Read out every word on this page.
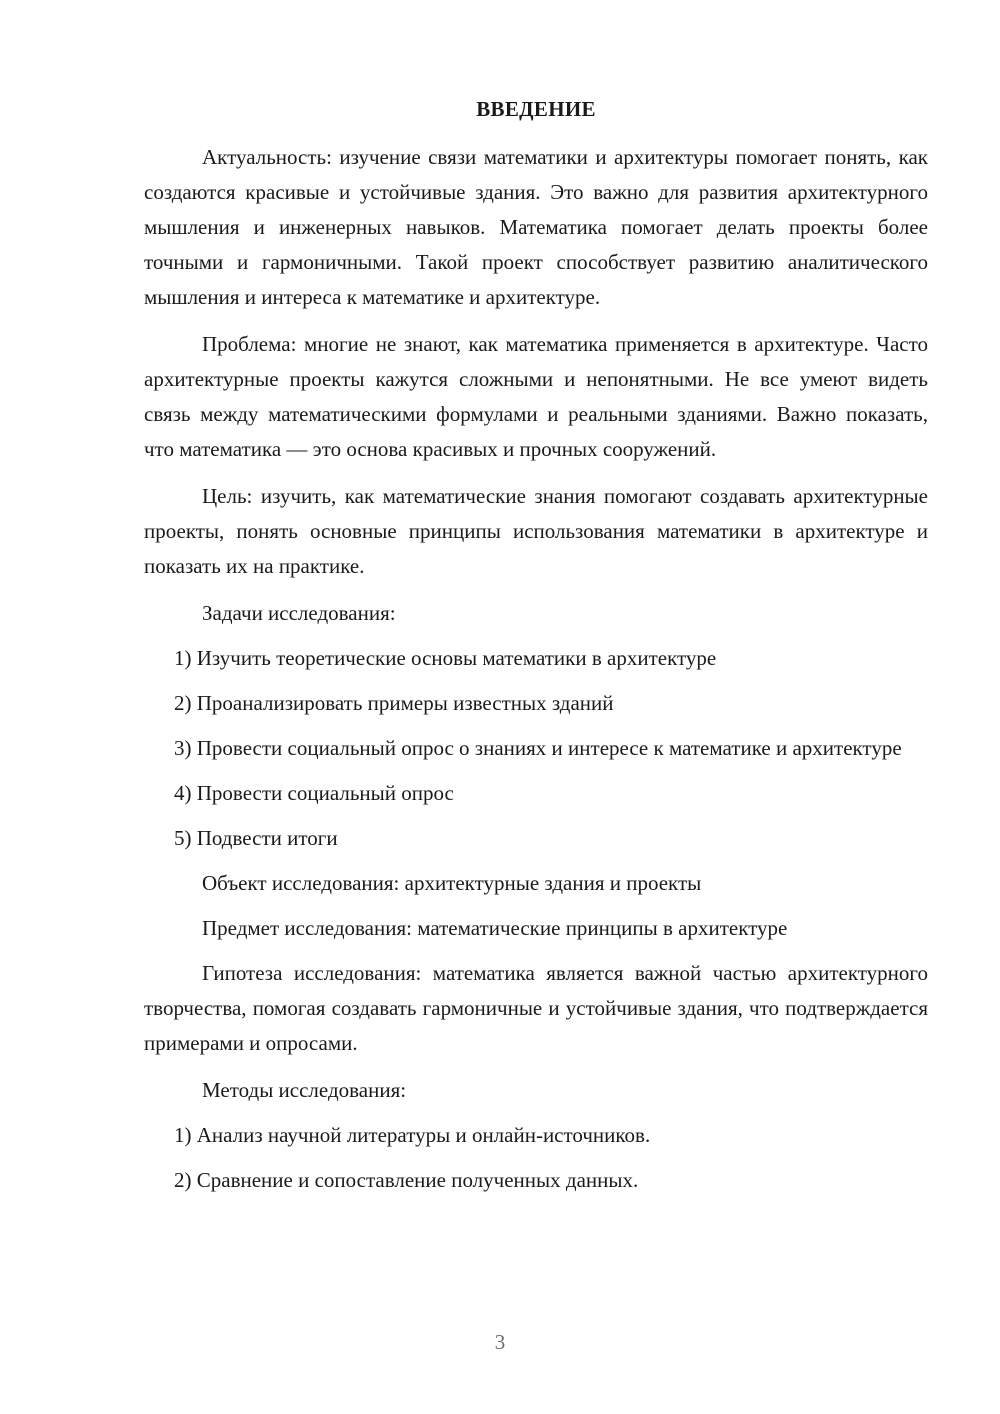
ВВЕДЕНИЕ

Актуальность: изучение связи математики и архитектуры помогает понять, как создаются красивые и устойчивые здания. Это важно для развития архитектурного мышления и инженерных навыков. Математика помогает делать проекты более точными и гармоничными. Такой проект способствует развитию аналитического мышления и интереса к математике и архитектуре.

Проблема: многие не знают, как математика применяется в архитектуре. Часто архитектурные проекты кажутся сложными и непонятными. Не все умеют видеть связь между математическими формулами и реальными зданиями. Важно показать, что математика — это основа красивых и прочных сооружений.

Цель: изучить, как математические знания помогают создавать архитектурные проекты, понять основные принципы использования математики в архитектуре и показать их на практике.

Задачи исследования:
1) Изучить теоретические основы математики в архитектуре
2) Проанализировать примеры известных зданий
3) Провести социальный опрос о знаниях и интересе к математике и архитектуре
4) Провести социальный опрос
5) Подвести итоги
Объект исследования: архитектурные здания и проекты
Предмет исследования: математические принципы в архитектуре

Гипотеза исследования: математика является важной частью архитектурного творчества, помогая создавать гармоничные и устойчивые здания, что подтверждается примерами и опросами.

Методы исследования:
1) Анализ научной литературы и онлайн-источников.
2) Сравнение и сопоставление полученных данных.
3
